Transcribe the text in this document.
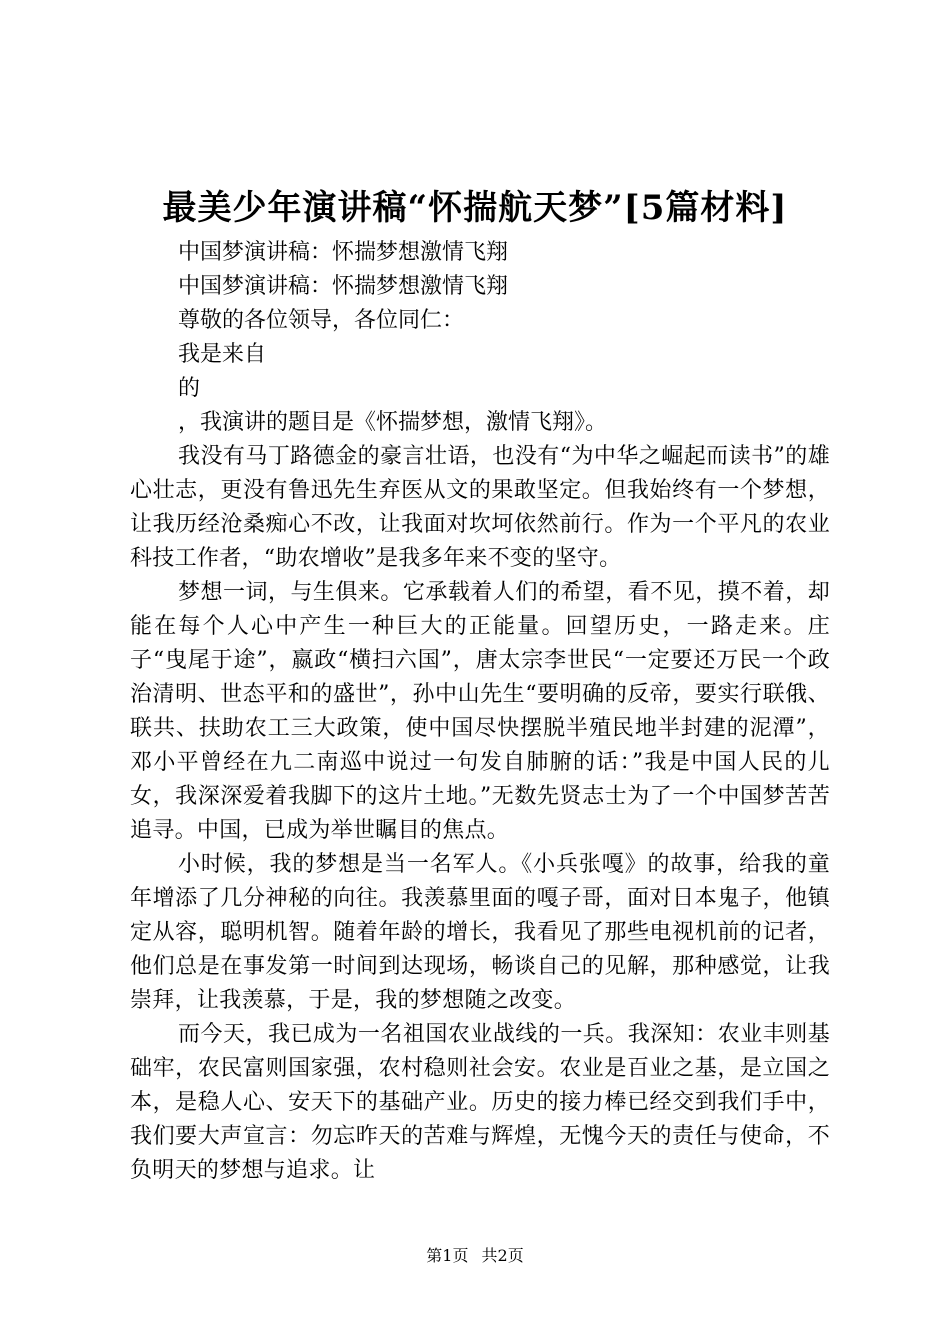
最美少年演讲稿“怀揣航天梦”[5篇材料]
中国梦演讲稿：怀揣梦想激情飞翔
中国梦演讲稿：怀揣梦想激情飞翔
尊敬的各位领导，各位同仁：
我是来自
的
，我演讲的题目是《怀揣梦想，激情飞翔》。

我没有马丁路德金的豪言壮语，也没有“为中华之崛起而读书”的雄心壮志，更没有鲁迅先生弃医从文的果敢坚定。但我始终有一个梦想，让我历经沧桑痴心不改，让我面对坎坷依然前行。作为一个平凡的农业科技工作者，“助农增收”是我多年来不变的坚守。

梦想一词，与生俱来。它承载着人们的希望，看不见，摸不着，却能在每个人心中产生一种巨大的正能量。回望历史，一路走来。庄子“曳尾于途”，嬴政“横扫六国”，唐太宗李世民“一定要还万民一个政治清明、世态平和的盛世”，孙中山先生“要明确的反帝，要实行联俄、联共、扶助农工三大政策，使中国尽快摆脱半殖民地半封建的泥潭”，邓小平曾经在九二南巡中说过一句发自肺腑的话：”我是中国人民的儿女，我深深爱着我脚下的这片土地。”无数先贤志士为了一个中国梦苦苦追寻。中国，已成为举世瞩目的焦点。

小时候，我的梦想是当一名军人。《小兵张嘎》的故事，给我的童年增添了几分神秘的向往。我羡慕里面的嘎子哥，面对日本鬼子，他镇定从容，聪明机智。随着年龄的增长，我看见了那些电视机前的记者，他们总是在事发第一时间到达现场，畅谈自己的见解，那种感觉，让我崇拜，让我羡慕，于是，我的梦想随之改变。

而今天，我已成为一名祖国农业战线的一兵。我深知：农业丰则基础牢，农民富则国家强，农村稳则社会安。农业是百业之基，是立国之本，是稳人心、安天下的基础产业。历史的接力棒已经交到我们手中，我们要大声宣言：勿忘昨天的苦难与辉煌，无愧今天的责任与使命，不负明天的梦想与追求。让

第1页 共2页
